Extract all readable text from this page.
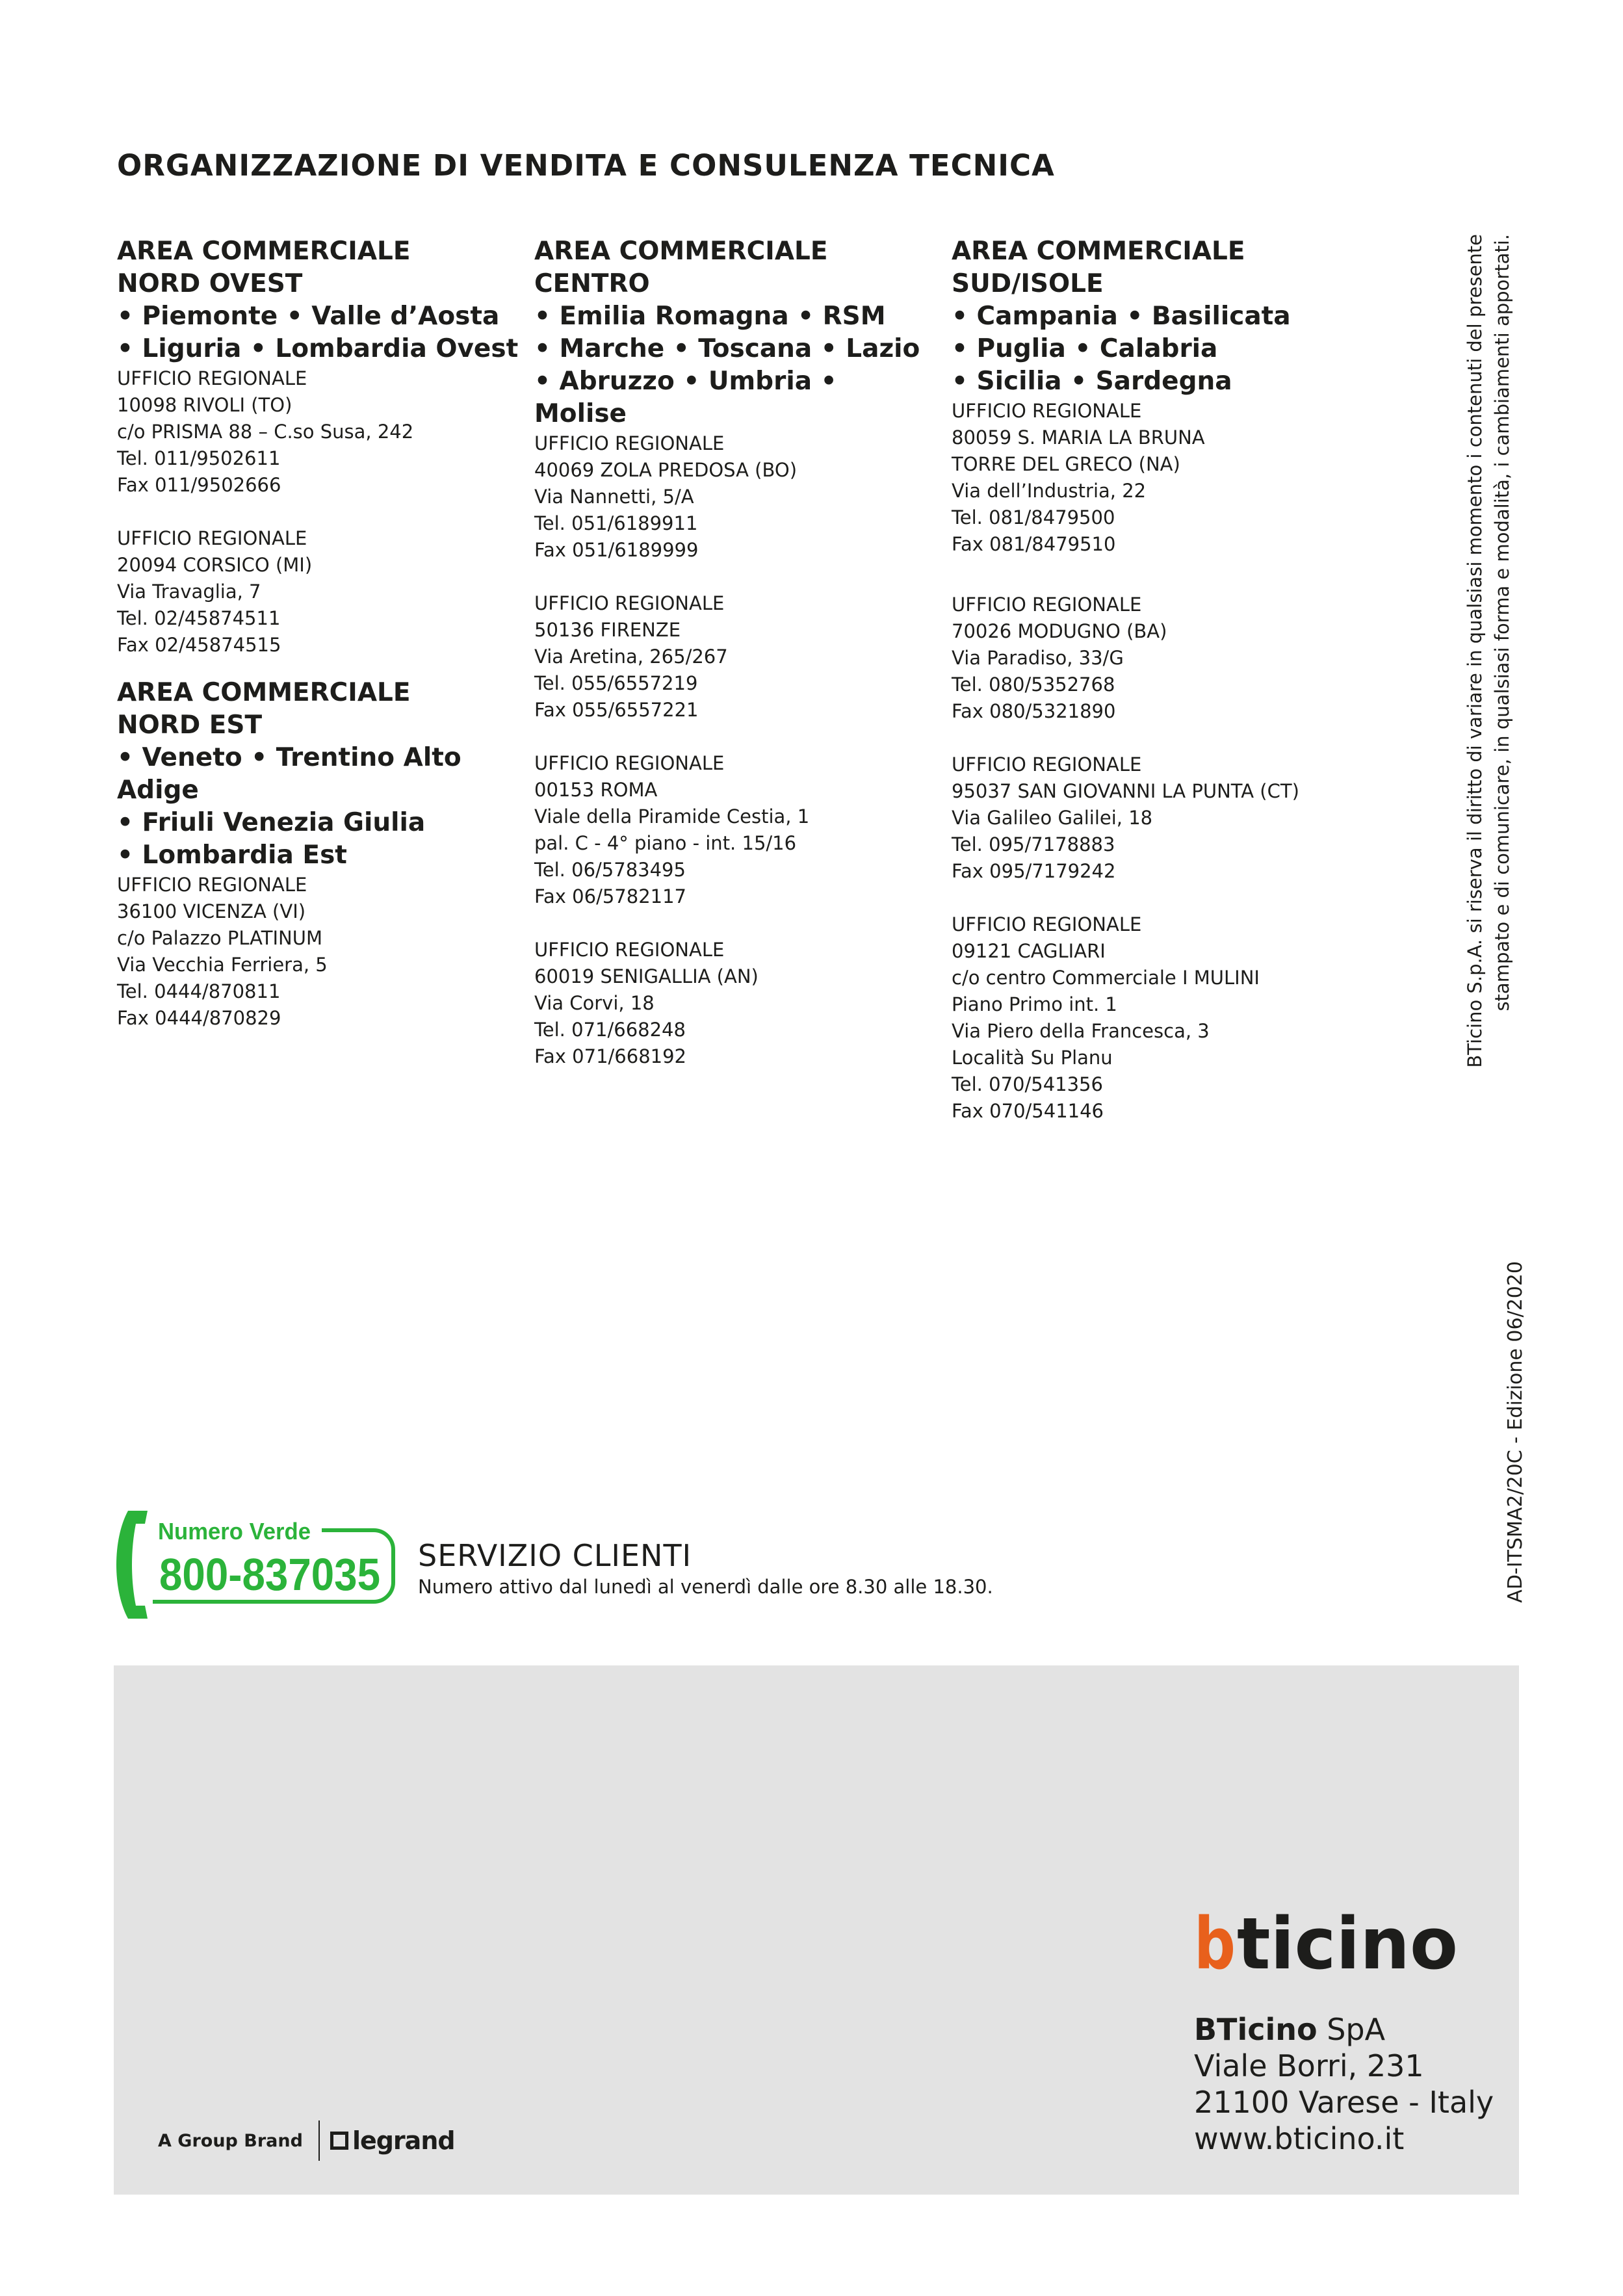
ORGANIZZAZIONE DI VENDITA E CONSULENZA TECNICA

AREA COMMERCIALE
NORD OVEST

• Piemonte • Valle d’Aosta
• Liguria • Lombardia Ovest

UFFICIO REGIONALE
10098 RIVOLI (TO)
c/o PRISMA 88 – C.so Susa, 242
Tel. 011/9502611
Fax 011/9502666
UFFICIO REGIONALE
20094 CORSICO (MI)
Via Travaglia, 7
Tel. 02/45874511
Fax 02/45874515

AREA COMMERCIALE
NORD EST

• Veneto • Trentino Alto Adige
• Friuli Venezia Giulia
• Lombardia Est

UFFICIO REGIONALE
36100 VICENZA (VI)
c/o Palazzo PLATINUM
Via Vecchia Ferriera, 5
Tel. 0444/870811
Fax 0444/870829

AREA COMMERCIALE
CENTRO

• Emilia Romagna • RSM
• Marche • Toscana • Lazio
• Abruzzo • Umbria • Molise

UFFICIO REGIONALE
40069 ZOLA PREDOSA (BO)
Via Nannetti, 5/A
Tel. 051/6189911
Fax 051/6189999
UFFICIO REGIONALE
50136 FIRENZE
Via Aretina, 265/267
Tel. 055/6557219
Fax 055/6557221
UFFICIO REGIONALE
00153 ROMA
Viale della Piramide Cestia, 1
pal. C - 4° piano - int. 15/16
Tel. 06/5783495
Fax 06/5782117
UFFICIO REGIONALE
60019 SENIGALLIA (AN)
Via Corvi, 18
Tel. 071/668248
Fax 071/668192

AREA COMMERCIALE
SUD/ISOLE

• Campania • Basilicata
• Puglia • Calabria
• Sicilia • Sardegna

UFFICIO REGIONALE
80059 S. MARIA LA BRUNA
TORRE DEL GRECO (NA)
Via dell’Industria, 22
Tel. 081/8479500
Fax 081/8479510
UFFICIO REGIONALE
70026 MODUGNO (BA)
Via Paradiso, 33/G
Tel. 080/5352768
Fax 080/5321890
UFFICIO REGIONALE
95037 SAN GIOVANNI LA PUNTA (CT)
Via Galileo Galilei, 18
Tel. 095/7178883
Fax 095/7179242
UFFICIO REGIONALE
09121 CAGLIARI
c/o centro Commerciale I MULINI
Piano Primo int. 1
Via Piero della Francesca, 3
Località Su Planu
Tel. 070/541356
Fax 070/541146
BTicino S.p.A. si riserva il diritto di variare in qualsiasi momento i contenuti del presente stampato e di comunicare, in qualsiasi forma e modalità, i cambiamenti apportati.
AD-ITSMA2/20C - Edizione 06/2020
Numero Verde
800-837035 SERVIZIO CLIENTI

Numero attivo dal lunedì al venerdì dalle ore 8.30 alle 18.30.

A Group Brand legrand
b ticino
BTicino SpA
Viale Borri, 231
21100 Varese - Italy
www.bticino.it
